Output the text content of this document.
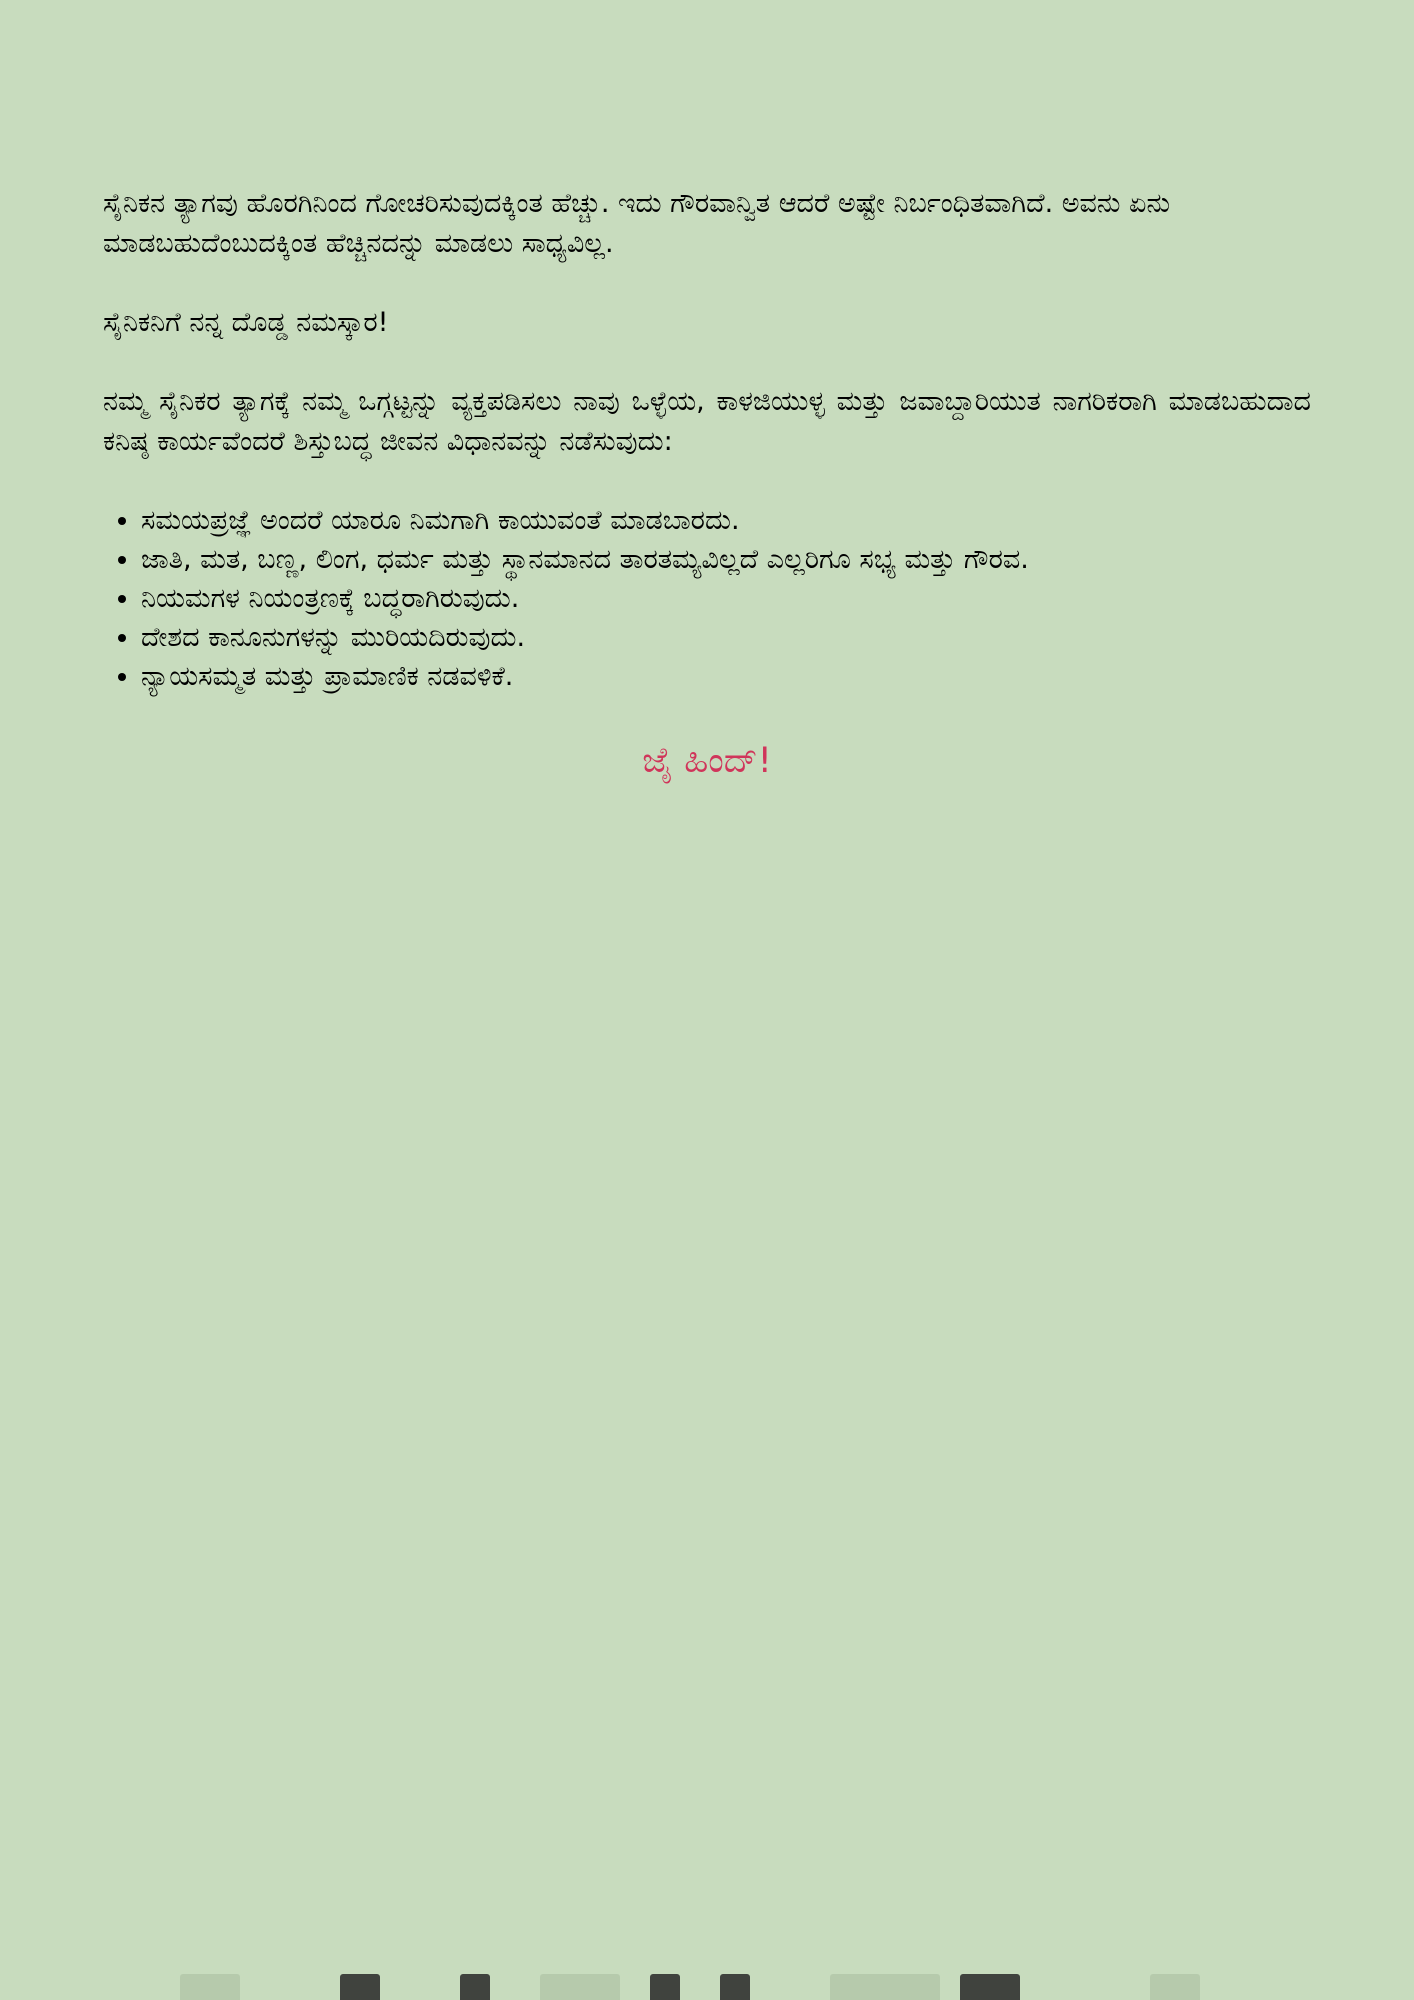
ಸೈನಿಕನ ತ್ಯಾಗವು ಹೊರಗಿನಿಂದ ಗೋಚರಿಸುವುದಕ್ಕಿಂತ ಹೆಚ್ಚು. ಇದು ಗೌರವಾನ್ವಿತ ಆದರೆ ಅಷ್ಟೇ ನಿರ್ಬಂಧಿತವಾಗಿದೆ. ಅವನು ಏನು ಮಾಡಬಹುದೆಂಬುದಕ್ಕಿಂತ ಹೆಚ್ಚಿನದನ್ನು ಮಾಡಲು ಸಾಧ್ಯವಿಲ್ಲ.

ಸೈನಿಕನಿಗೆ ನನ್ನ ದೊಡ್ಡ ನಮಸ್ಕಾರ!

ನಮ್ಮ ಸೈನಿಕರ ತ್ಯಾಗಕ್ಕೆ ನಮ್ಮ ಒಗ್ಗಟ್ಟನ್ನು ವ್ಯಕ್ತಪಡಿಸಲು ನಾವು ಒಳ್ಳೆಯ, ಕಾಳಜಿಯುಳ್ಳ ಮತ್ತು ಜವಾಬ್ದಾರಿಯುತ ನಾಗರಿಕರಾಗಿ ಮಾಡಬಹುದಾದ ಕನಿಷ್ಠ ಕಾರ್ಯವೆಂದರೆ ಶಿಸ್ತುಬದ್ಧ ಜೀವನ ವಿಧಾನವನ್ನು ನಡೆಸುವುದು:

• ಸಮಯಪ್ರಜ್ಞೆ ಅಂದರೆ ಯಾರೂ ನಿಮಗಾಗಿ ಕಾಯುವಂತೆ ಮಾಡಬಾರದು.
• ಜಾತಿ, ಮತ, ಬಣ್ಣ, ಲಿಂಗ, ಧರ್ಮ ಮತ್ತು ಸ್ಥಾನಮಾನದ ತಾರತಮ್ಯವಿಲ್ಲದೆ ಎಲ್ಲರಿಗೂ ಸಭ್ಯ ಮತ್ತು ಗೌರವ.
• ನಿಯಮಗಳ ನಿಯಂತ್ರಣಕ್ಕೆ ಬದ್ಧರಾಗಿರುವುದು.
• ದೇಶದ ಕಾನೂನುಗಳನ್ನು ಮುರಿಯದಿರುವುದು.
• ನ್ಯಾಯಸಮ್ಮತ ಮತ್ತು ಪ್ರಾಮಾಣಿಕ ನಡವಳಿಕೆ.
ಜೈ ಹಿಂದ್!
